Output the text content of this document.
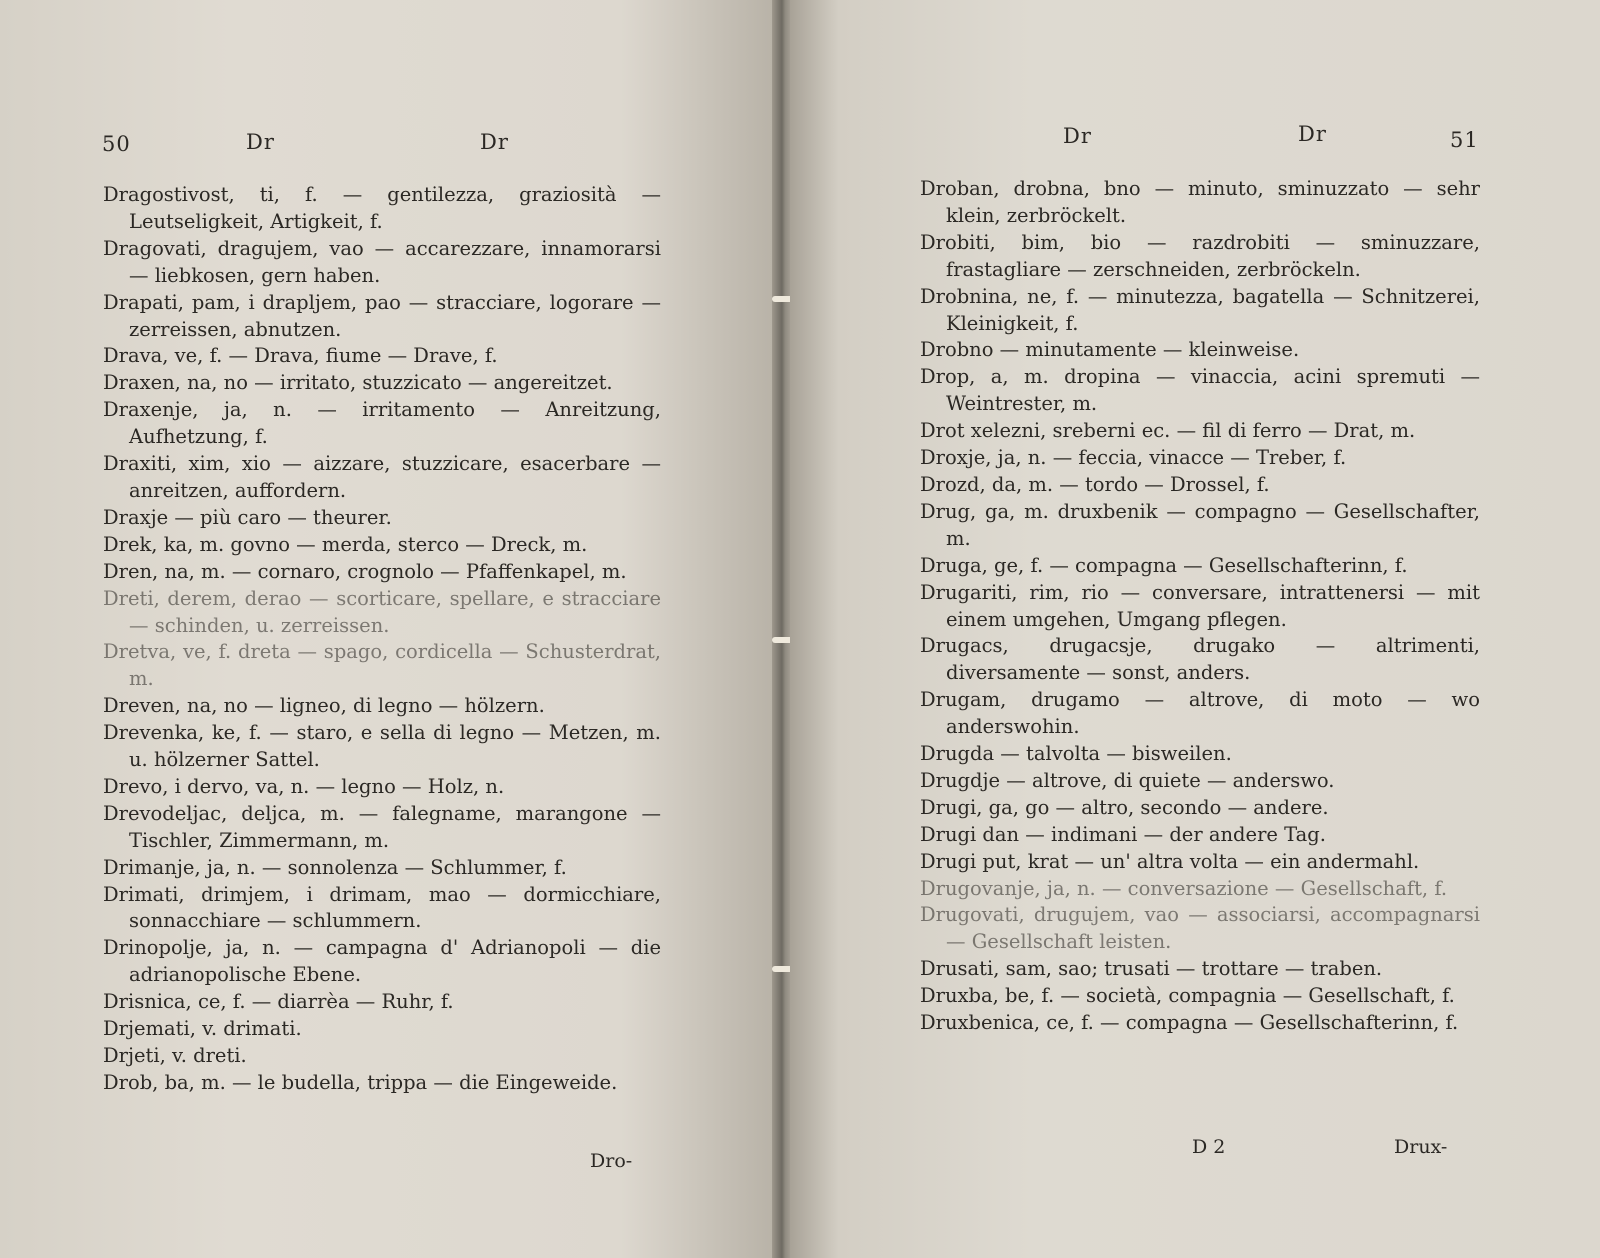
50	Dr	Dr
Dragostivost, ti, f. — gentilezza, graziosità — Leutseligkeit, Artigkeit, f.
Dragovati, dragujem, vao — accarezzare, innamorarsi — liebkosen, gern haben.
Drapati, pam, i drapljem, pao — stracciare, logorare — zerreissen, abnutzen.
Drava, ve, f. — Drava, fiume — Drave, f.
Draxen, na, no — irritato, stuzzicato — angereitzet.
Draxenje, ja, n. — irritamento — Anreitzung, Aufhetzung, f.
Draxiti, xim, xio — aizzare, stuzzicare, esacerbare — anreitzen, auffordern.
Draxje — più caro — theurer.
Drek, ka, m. govno — merda, sterco — Dreck, m.
Dren, na, m. — cornaro, crognolo — Pfaffenkapel, m.
Dreti, derem, derao — scorticare, spellare, e stracciare — schinden, u. zerreissen.
Dretva, ve, f. dreta — spago, cordicella — Schusterdrat, m.
Dreven, na, no — ligneo, di legno — hölzern.
Drevenka, ke, f. — staro, e sella di legno — Metzen, m. u. hölzerner Sattel.
Drevo, i dervo, va, n. — legno — Holz, n.
Drevodeljac, deljca, m. — falegname, marangone — Tischler, Zimmermann, m.
Drimanje, ja, n. — sonnolenza — Schlummer, f.
Drimati, drimjem, i drimam, mao — dormicchiare, sonnacchiare — schlummern.
Drinopolje, ja, n. — campagna d' Adrianopoli — die adrianopolische Ebene.
Drisnica, ce, f. — diarrèa — Ruhr, f.
Drjemati, v. drimati.
Drjeti, v. dreti.
Drob, ba, m. — le budella, trippa — die Eingeweide.
Dro-
Dr	Dr	51
Droban, drobna, bno — minuto, sminuzzato — sehr klein, zerbröckelt.
Drobiti, bim, bio — razdrobiti — sminuzzare, frastagliare — zerschneiden, zerbröckeln.
Drobnina, ne, f. — minutezza, bagatella — Schnitzerei, Kleinigkeit, f.
Drobno — minutamente — kleinweise.
Drop, a, m. dropina — vinaccia, acini spremuti — Weintrester, m.
Drot xelezni, sreberni ec. — fil di ferro — Drat, m.
Droxje, ja, n. — feccia, vinacce — Treber, f.
Drozd, da, m. — tordo — Drossel, f.
Drug, ga, m. druxbenik — compagno — Gesellschafter, m.
Druga, ge, f. — compagna — Gesellschafterinn, f.
Drugariti, rim, rio — conversare, intrattenersi — mit einem umgehen, Umgang pflegen.
Drugacs, drugacsje, drugako — altrimenti, diversamente — sonst, anders.
Drugam, drugamo — altrove, di moto — wo anderswohin.
Drugda — talvolta — bisweilen.
Drugdje — altrove, di quiete — anderswo.
Drugi, ga, go — altro, secondo — andere.
Drugi dan — indimani — der andere Tag.
Drugi put, krat — un' altra volta — ein andermahl.
Drugovanje, ja, n. — conversazione — Gesellschaft, f.
Drugovati, drugujem, vao — associarsi, accompagnarsi — Gesellschaft leisten.
Drusati, sam, sao; trusati — trottare — traben.
Druxba, be, f. — società, compagnia — Gesellschaft, f.
Druxbenica, ce, f. — compagna — Gesellschafterinn, f.
D 2	Drux-
